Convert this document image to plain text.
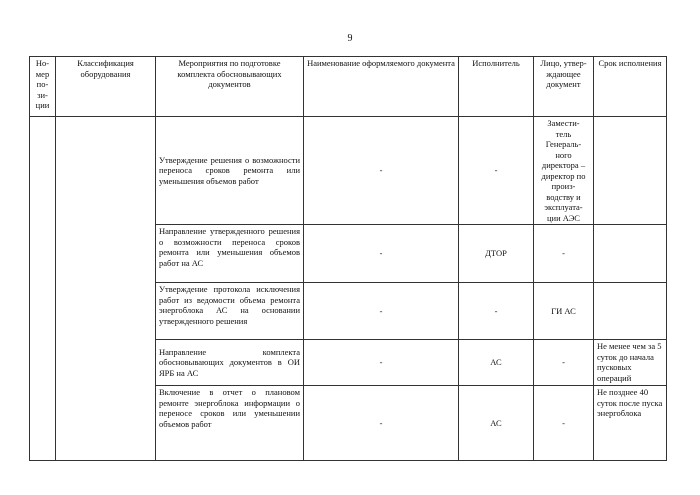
9
Но-
мер
по-
зи-
ции	Классификация оборудования	Мероприятия по подготовке комплекта обосновывающих документов	Наименование оформляемого документа	Исполнитель	Лицо, утвер-
ждающее документ	Срок исполнения
		Утверждение решения о возможности переноса сроков ремонта или уменьшения объемов работ	-	-	Замести-
тель Генераль-
ного директора – директор по произ-
водству и эксплуата-
ции АЭС	
		Направление утвержденного решения о возможности переноса сроков ремонта или уменьшения объемов работ на АС	-	ДТОР	-	
		Утверждение протокола исключения работ из ведомости объема ремонта энергоблока АС на основании утвержденного решения	-	-	ГИ АС	
		Направление комплекта обосновывающих документов в ОИ ЯРБ на АС	-	АС	-	Не менее чем за 5 суток до начала пусковых операций
		Включение в отчет о плановом ремонте энергоблока информации о переносе сроков или уменьшении объемов работ	-	АС	-	Не позднее 40 суток после пуска энергоблока
